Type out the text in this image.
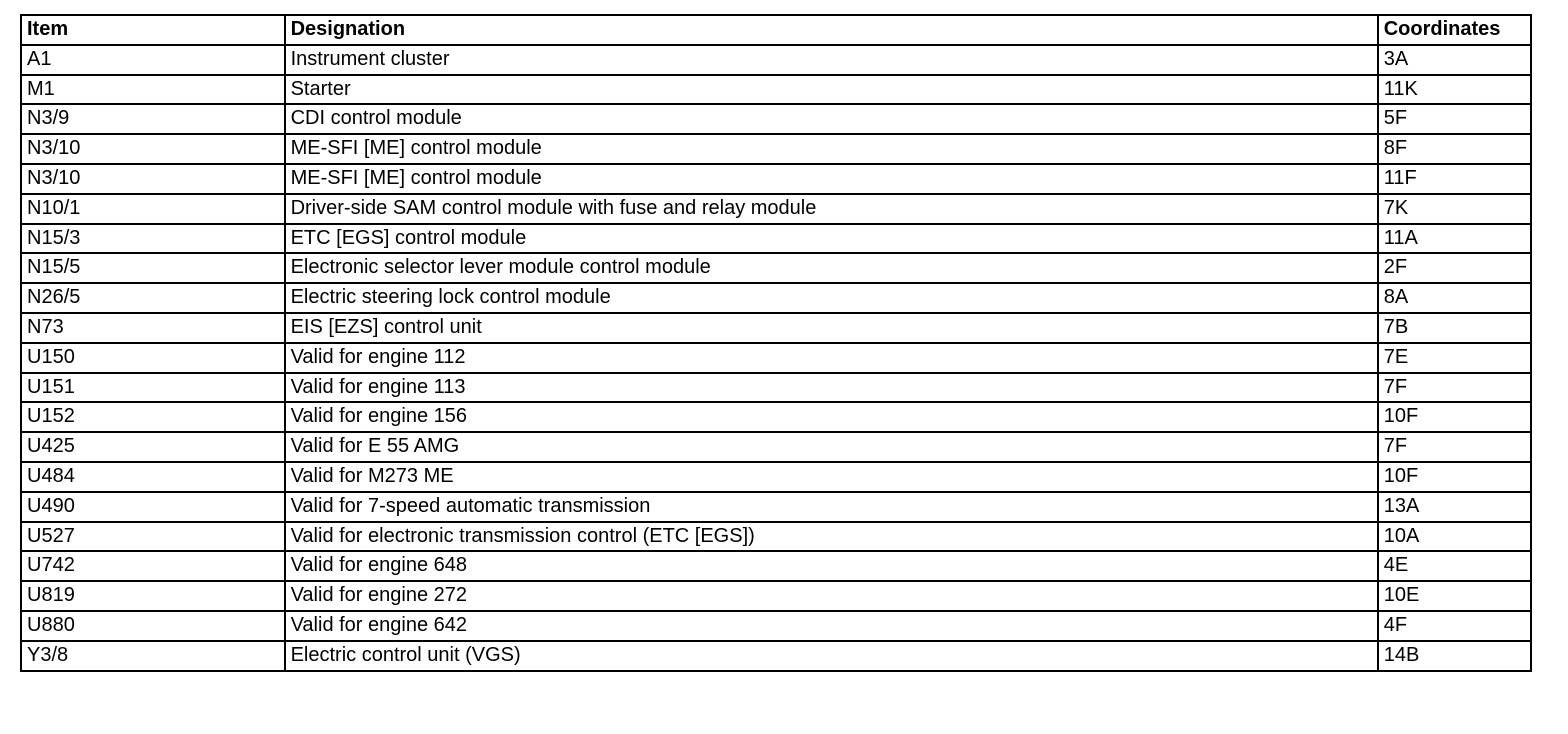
Item	Designation	Coordinates
A1	Instrument cluster	3A
M1	Starter	11K
N3/9	CDI control module	5F
N3/10	ME-SFI [ME] control module	8F
N3/10	ME-SFI [ME] control module	11F
N10/1	Driver-side SAM control module with fuse and relay module	7K
N15/3	ETC [EGS] control module	11A
N15/5	Electronic selector lever module control module	2F
N26/5	Electric steering lock control module	8A
N73	EIS [EZS] control unit	7B
U150	Valid for engine 112	7E
U151	Valid for engine 113	7F
U152	Valid for engine 156	10F
U425	Valid for E 55 AMG	7F
U484	Valid for M273 ME	10F
U490	Valid for 7-speed automatic transmission	13A
U527	Valid for electronic transmission control (ETC [EGS])	10A
U742	Valid for engine 648	4E
U819	Valid for engine 272	10E
U880	Valid for engine 642	4F
Y3/8	Electric control unit (VGS)	14B
